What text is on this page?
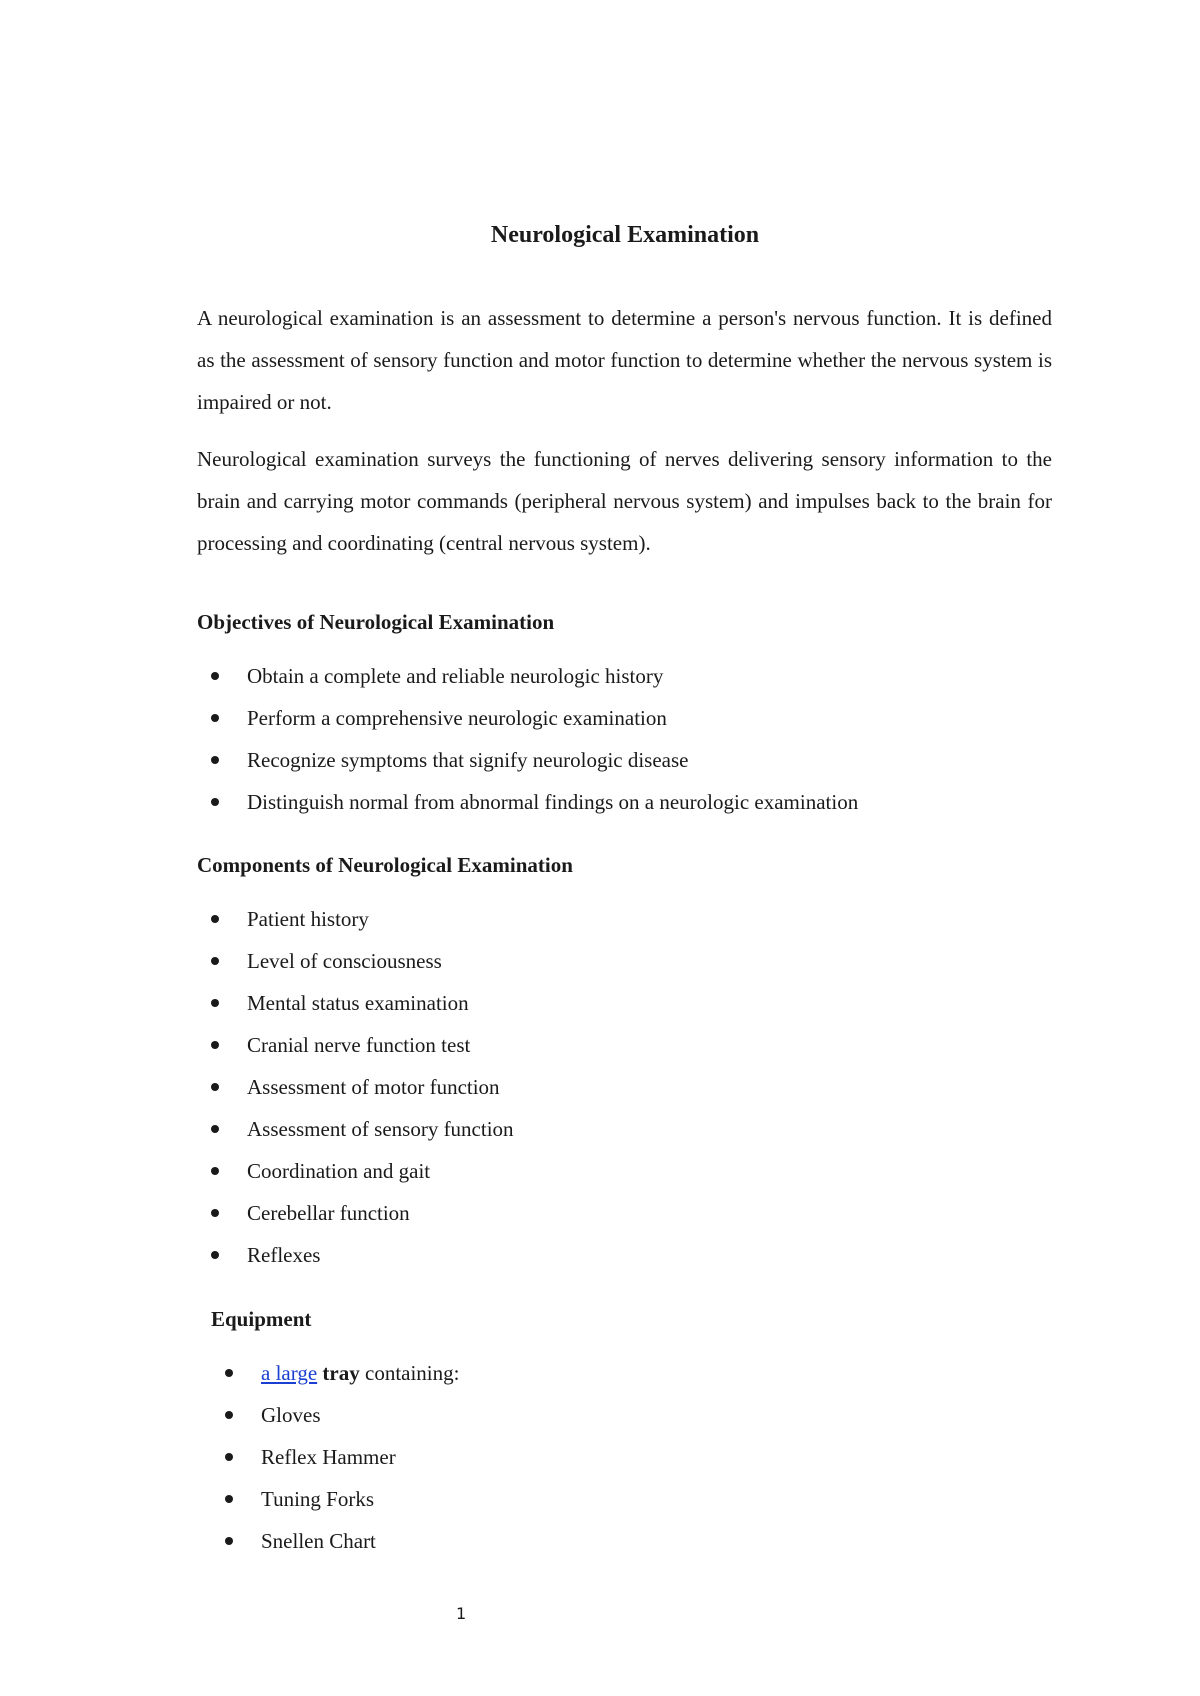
Neurological Examination
A neurological examination is an assessment to determine a person's nervous function. It is defined as the assessment of sensory function and motor function to determine whether the nervous system is impaired or not.
Neurological examination surveys the functioning of nerves delivering sensory information to the brain and carrying motor commands (peripheral nervous system) and impulses back to the brain for processing and coordinating (central nervous system).
Objectives of Neurological Examination
Obtain a complete and reliable neurologic history
Perform a comprehensive neurologic examination
Recognize symptoms that signify neurologic disease
Distinguish normal from abnormal findings on a neurologic examination
Components of Neurological Examination
Patient history
Level of consciousness
Mental status examination
Cranial nerve function test
Assessment of motor function
Assessment of sensory function
Coordination and gait
Cerebellar function
Reflexes
Equipment
a large tray containing:
Gloves
Reflex Hammer
Tuning Forks
Snellen Chart
1
